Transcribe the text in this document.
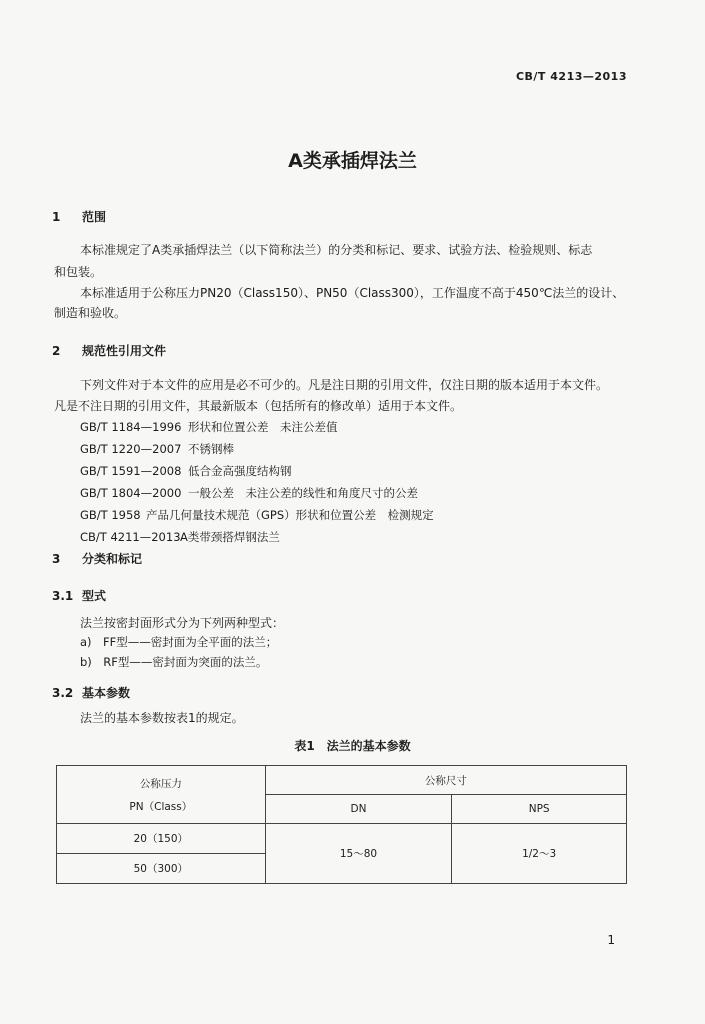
CB/T 4213—2013
A类承插焊法兰
1 范围
本标准规定了A类承插焊法兰（以下简称法兰）的分类和标记、要求、试验方法、检验规则、标志
和包装。
本标准适用于公称压力PN20（Class150）、PN50（Class300），工作温度不高于450℃法兰的设计、
制造和验收。
2 规范性引用文件
下列文件对于本文件的应用是必不可少的。凡是注日期的引用文件，仅注日期的版本适用于本文件。
凡是不注日期的引用文件，其最新版本（包括所有的修改单）适用于本文件。
GB/T 1184—1996 形状和位置公差　未注公差值
GB/T 1220—2007 不锈钢棒
GB/T 1591—2008 低合金高强度结构钢
GB/T 1804—2000 一般公差　未注公差的线性和角度尺寸的公差
GB/T 1958 产品几何量技术规范（GPS）形状和位置公差　检测规定
CB/T 4211—2013A类带颈搭焊钢法兰
3 分类和标记
3.1 型式
法兰按密封面形式分为下列两种型式：
a)　FF型——密封面为全平面的法兰；
b)　RF型——密封面为突面的法兰。
3.2 基本参数
法兰的基本参数按表1的规定。
表1　法兰的基本参数
公称压力
PN（Class）	公称尺寸	
	DN	NPS
20（150）	15～80	1/2～3
50（300）		
1
